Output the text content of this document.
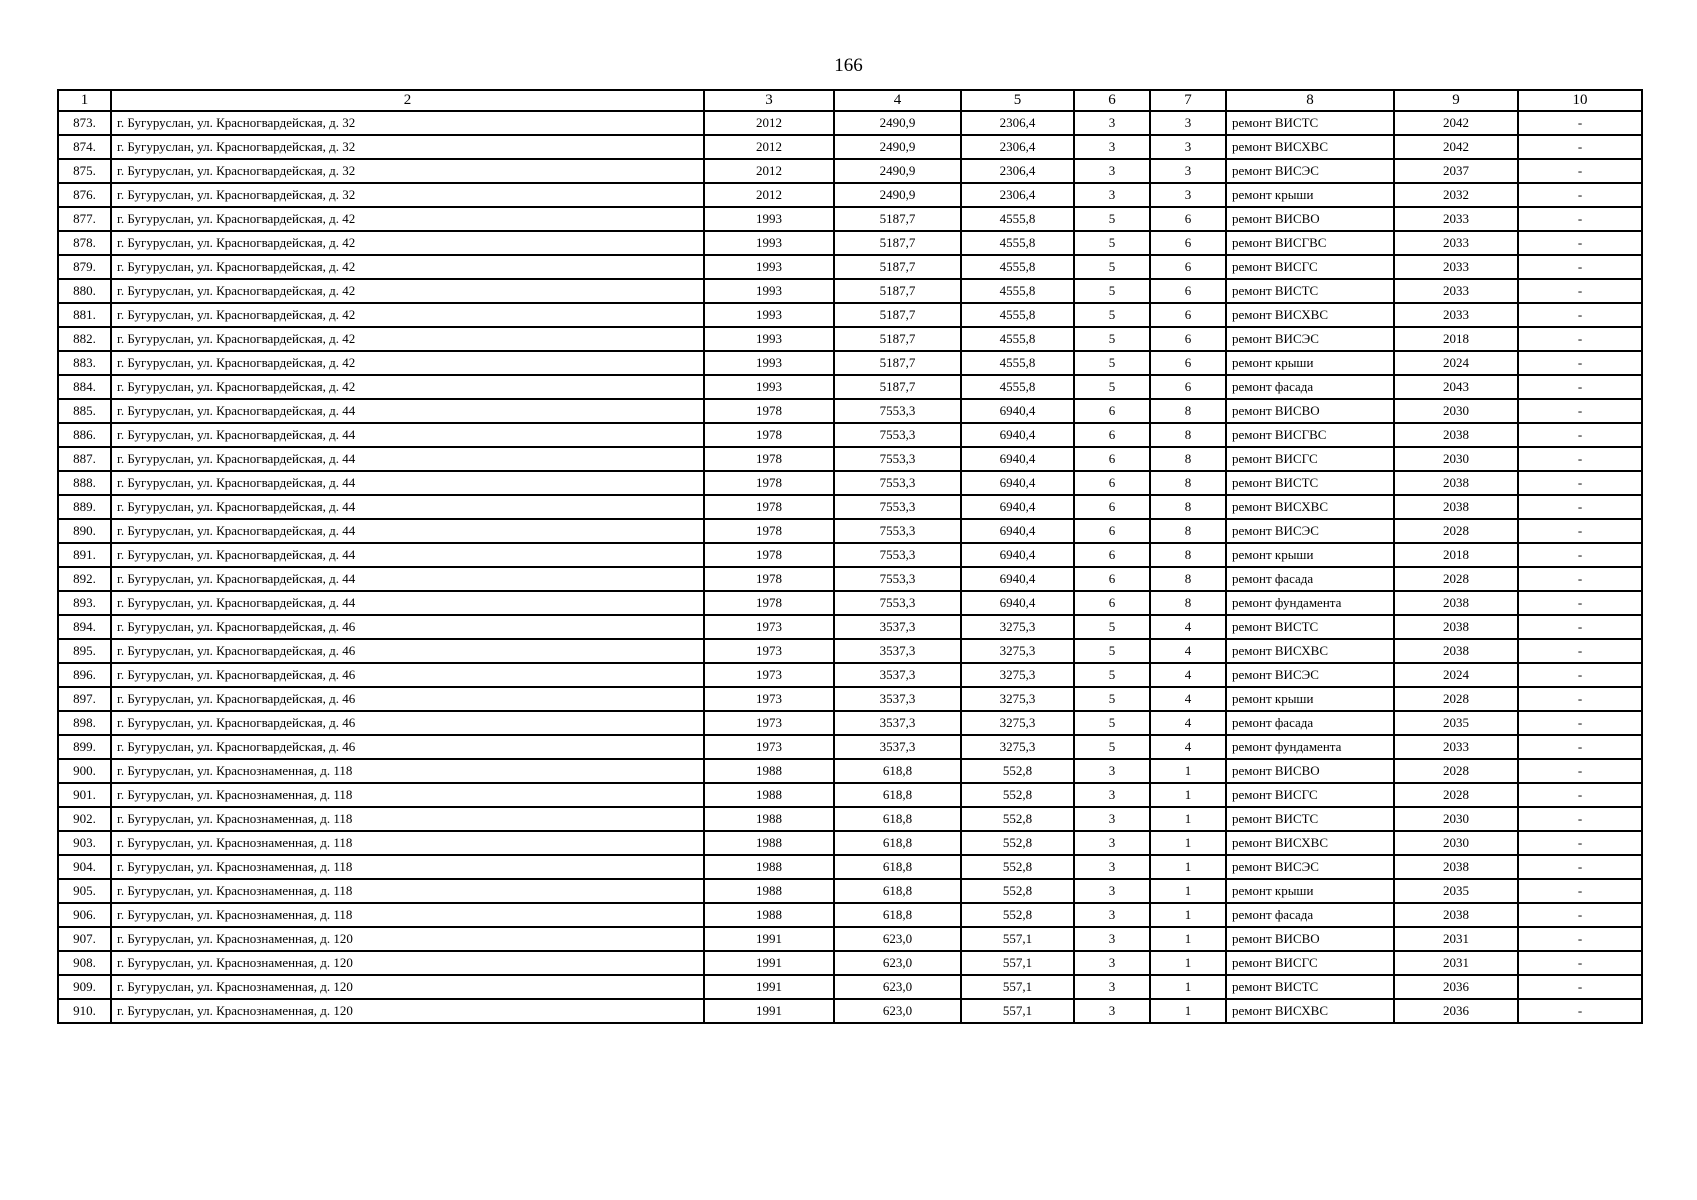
166
1	2	3	4	5	6	7	8	9	10
873.	г. Бугуруслан, ул. Красногвардейская, д. 32	2012	2490,9	2306,4	3	3	ремонт ВИСТС	2042	-
874.	г. Бугуруслан, ул. Красногвардейская, д. 32	2012	2490,9	2306,4	3	3	ремонт ВИСХВС	2042	-
875.	г. Бугуруслан, ул. Красногвардейская, д. 32	2012	2490,9	2306,4	3	3	ремонт ВИСЭС	2037	-
876.	г. Бугуруслан, ул. Красногвардейская, д. 32	2012	2490,9	2306,4	3	3	ремонт крыши	2032	-
877.	г. Бугуруслан, ул. Красногвардейская, д. 42	1993	5187,7	4555,8	5	6	ремонт ВИСВО	2033	-
878.	г. Бугуруслан, ул. Красногвардейская, д. 42	1993	5187,7	4555,8	5	6	ремонт ВИСГВС	2033	-
879.	г. Бугуруслан, ул. Красногвардейская, д. 42	1993	5187,7	4555,8	5	6	ремонт ВИСГС	2033	-
880.	г. Бугуруслан, ул. Красногвардейская, д. 42	1993	5187,7	4555,8	5	6	ремонт ВИСТС	2033	-
881.	г. Бугуруслан, ул. Красногвардейская, д. 42	1993	5187,7	4555,8	5	6	ремонт ВИСХВС	2033	-
882.	г. Бугуруслан, ул. Красногвардейская, д. 42	1993	5187,7	4555,8	5	6	ремонт ВИСЭС	2018	-
883.	г. Бугуруслан, ул. Красногвардейская, д. 42	1993	5187,7	4555,8	5	6	ремонт крыши	2024	-
884.	г. Бугуруслан, ул. Красногвардейская, д. 42	1993	5187,7	4555,8	5	6	ремонт фасада	2043	-
885.	г. Бугуруслан, ул. Красногвардейская, д. 44	1978	7553,3	6940,4	6	8	ремонт ВИСВО	2030	-
886.	г. Бугуруслан, ул. Красногвардейская, д. 44	1978	7553,3	6940,4	6	8	ремонт ВИСГВС	2038	-
887.	г. Бугуруслан, ул. Красногвардейская, д. 44	1978	7553,3	6940,4	6	8	ремонт ВИСГС	2030	-
888.	г. Бугуруслан, ул. Красногвардейская, д. 44	1978	7553,3	6940,4	6	8	ремонт ВИСТС	2038	-
889.	г. Бугуруслан, ул. Красногвардейская, д. 44	1978	7553,3	6940,4	6	8	ремонт ВИСХВС	2038	-
890.	г. Бугуруслан, ул. Красногвардейская, д. 44	1978	7553,3	6940,4	6	8	ремонт ВИСЭС	2028	-
891.	г. Бугуруслан, ул. Красногвардейская, д. 44	1978	7553,3	6940,4	6	8	ремонт крыши	2018	-
892.	г. Бугуруслан, ул. Красногвардейская, д. 44	1978	7553,3	6940,4	6	8	ремонт фасада	2028	-
893.	г. Бугуруслан, ул. Красногвардейская, д. 44	1978	7553,3	6940,4	6	8	ремонт фундамента	2038	-
894.	г. Бугуруслан, ул. Красногвардейская, д. 46	1973	3537,3	3275,3	5	4	ремонт ВИСТС	2038	-
895.	г. Бугуруслан, ул. Красногвардейская, д. 46	1973	3537,3	3275,3	5	4	ремонт ВИСХВС	2038	-
896.	г. Бугуруслан, ул. Красногвардейская, д. 46	1973	3537,3	3275,3	5	4	ремонт ВИСЭС	2024	-
897.	г. Бугуруслан, ул. Красногвардейская, д. 46	1973	3537,3	3275,3	5	4	ремонт крыши	2028	-
898.	г. Бугуруслан, ул. Красногвардейская, д. 46	1973	3537,3	3275,3	5	4	ремонт фасада	2035	-
899.	г. Бугуруслан, ул. Красногвардейская, д. 46	1973	3537,3	3275,3	5	4	ремонт фундамента	2033	-
900.	г. Бугуруслан, ул. Краснознаменная, д. 118	1988	618,8	552,8	3	1	ремонт ВИСВО	2028	-
901.	г. Бугуруслан, ул. Краснознаменная, д. 118	1988	618,8	552,8	3	1	ремонт ВИСГС	2028	-
902.	г. Бугуруслан, ул. Краснознаменная, д. 118	1988	618,8	552,8	3	1	ремонт ВИСТС	2030	-
903.	г. Бугуруслан, ул. Краснознаменная, д. 118	1988	618,8	552,8	3	1	ремонт ВИСХВС	2030	-
904.	г. Бугуруслан, ул. Краснознаменная, д. 118	1988	618,8	552,8	3	1	ремонт ВИСЭС	2038	-
905.	г. Бугуруслан, ул. Краснознаменная, д. 118	1988	618,8	552,8	3	1	ремонт крыши	2035	-
906.	г. Бугуруслан, ул. Краснознаменная, д. 118	1988	618,8	552,8	3	1	ремонт фасада	2038	-
907.	г. Бугуруслан, ул. Краснознаменная, д. 120	1991	623,0	557,1	3	1	ремонт ВИСВО	2031	-
908.	г. Бугуруслан, ул. Краснознаменная, д. 120	1991	623,0	557,1	3	1	ремонт ВИСГС	2031	-
909.	г. Бугуруслан, ул. Краснознаменная, д. 120	1991	623,0	557,1	3	1	ремонт ВИСТС	2036	-
910.	г. Бугуруслан, ул. Краснознаменная, д. 120	1991	623,0	557,1	3	1	ремонт ВИСХВС	2036	-
